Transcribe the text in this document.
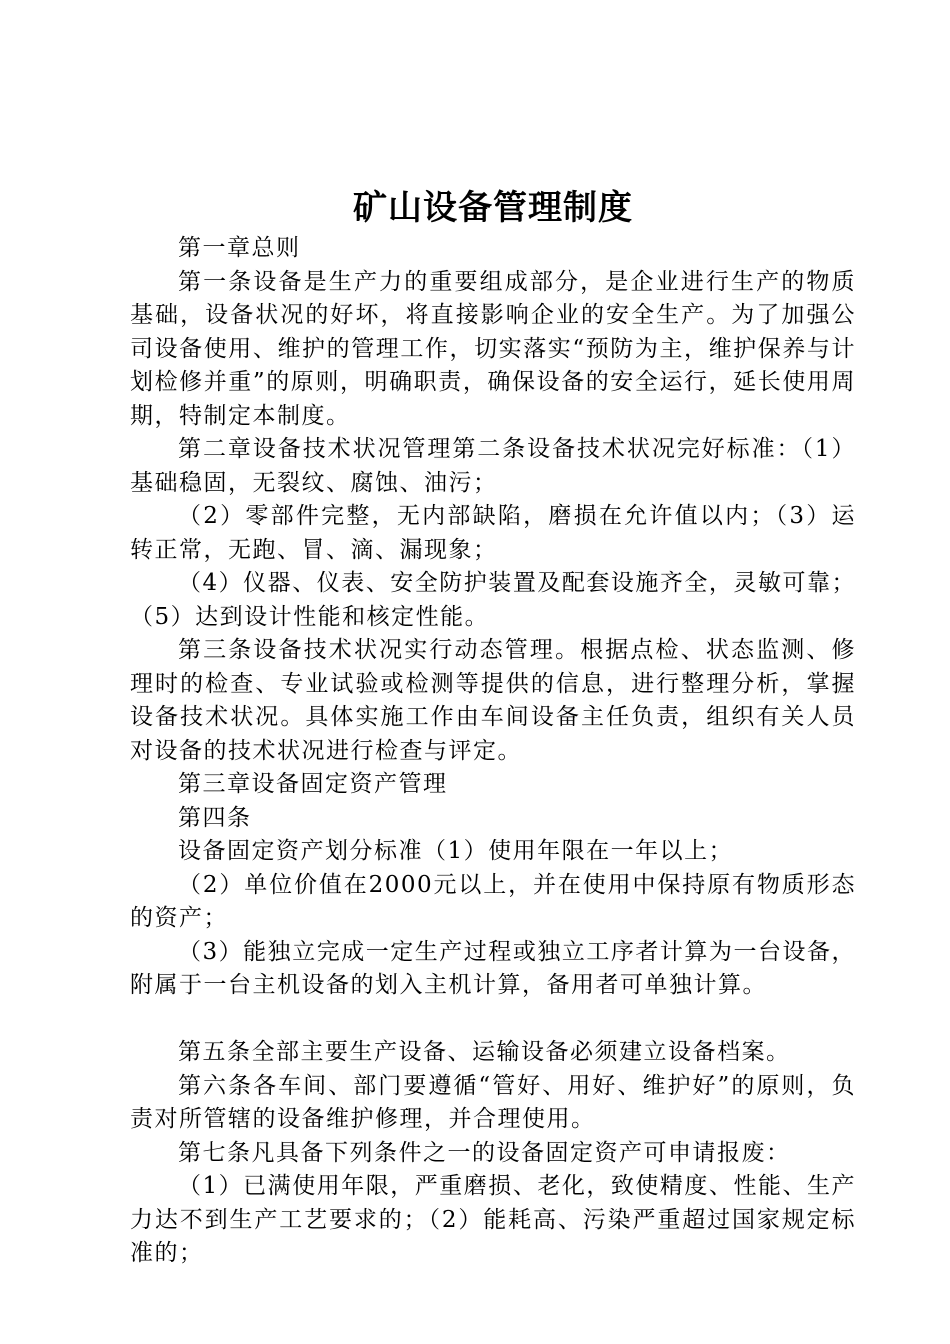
矿山设备管理制度

第一章总则

第一条设备是生产力的重要组成部分，是企业进行生产的物质基础，设备状况的好坏，将直接影响企业的安全生产。为了加强公司设备使用、维护的管理工作，切实落实“预防为主，维护保养与计划检修并重”的原则，明确职责，确保设备的安全运行，延长使用周期，特制定本制度。

第二章设备技术状况管理第二条设备技术状况完好标准：（1）基础稳固，无裂纹、腐蚀、油污；

（2）零部件完整，无内部缺陷，磨损在允许值以内；（3）运转正常，无跑、冒、滴、漏现象；

（4）仪器、仪表、安全防护装置及配套设施齐全，灵敏可靠；（5）达到设计性能和核定性能。

第三条设备技术状况实行动态管理。根据点检、状态监测、修理时的检查、专业试验或检测等提供的信息，进行整理分析，掌握设备技术状况。具体实施工作由车间设备主任负责，组织有关人员对设备的技术状况进行检查与评定。

第三章设备固定资产管理

第四条

设备固定资产划分标准（1）使用年限在一年以上；

（2）单位价值在2000元以上，并在使用中保持原有物质形态的资产；

（3）能独立完成一定生产过程或独立工序者计算为一台设备，附属于一台主机设备的划入主机计算，备用者可单独计算。

第五条全部主要生产设备、运输设备必须建立设备档案。

第六条各车间、部门要遵循“管好、用好、维护好”的原则，负责对所管辖的设备维护修理，并合理使用。

第七条凡具备下列条件之一的设备固定资产可申请报废：

（1）已满使用年限，严重磨损、老化，致使精度、性能、生产力达不到生产工艺要求的；（2）能耗高、污染严重超过国家规定标准的；
